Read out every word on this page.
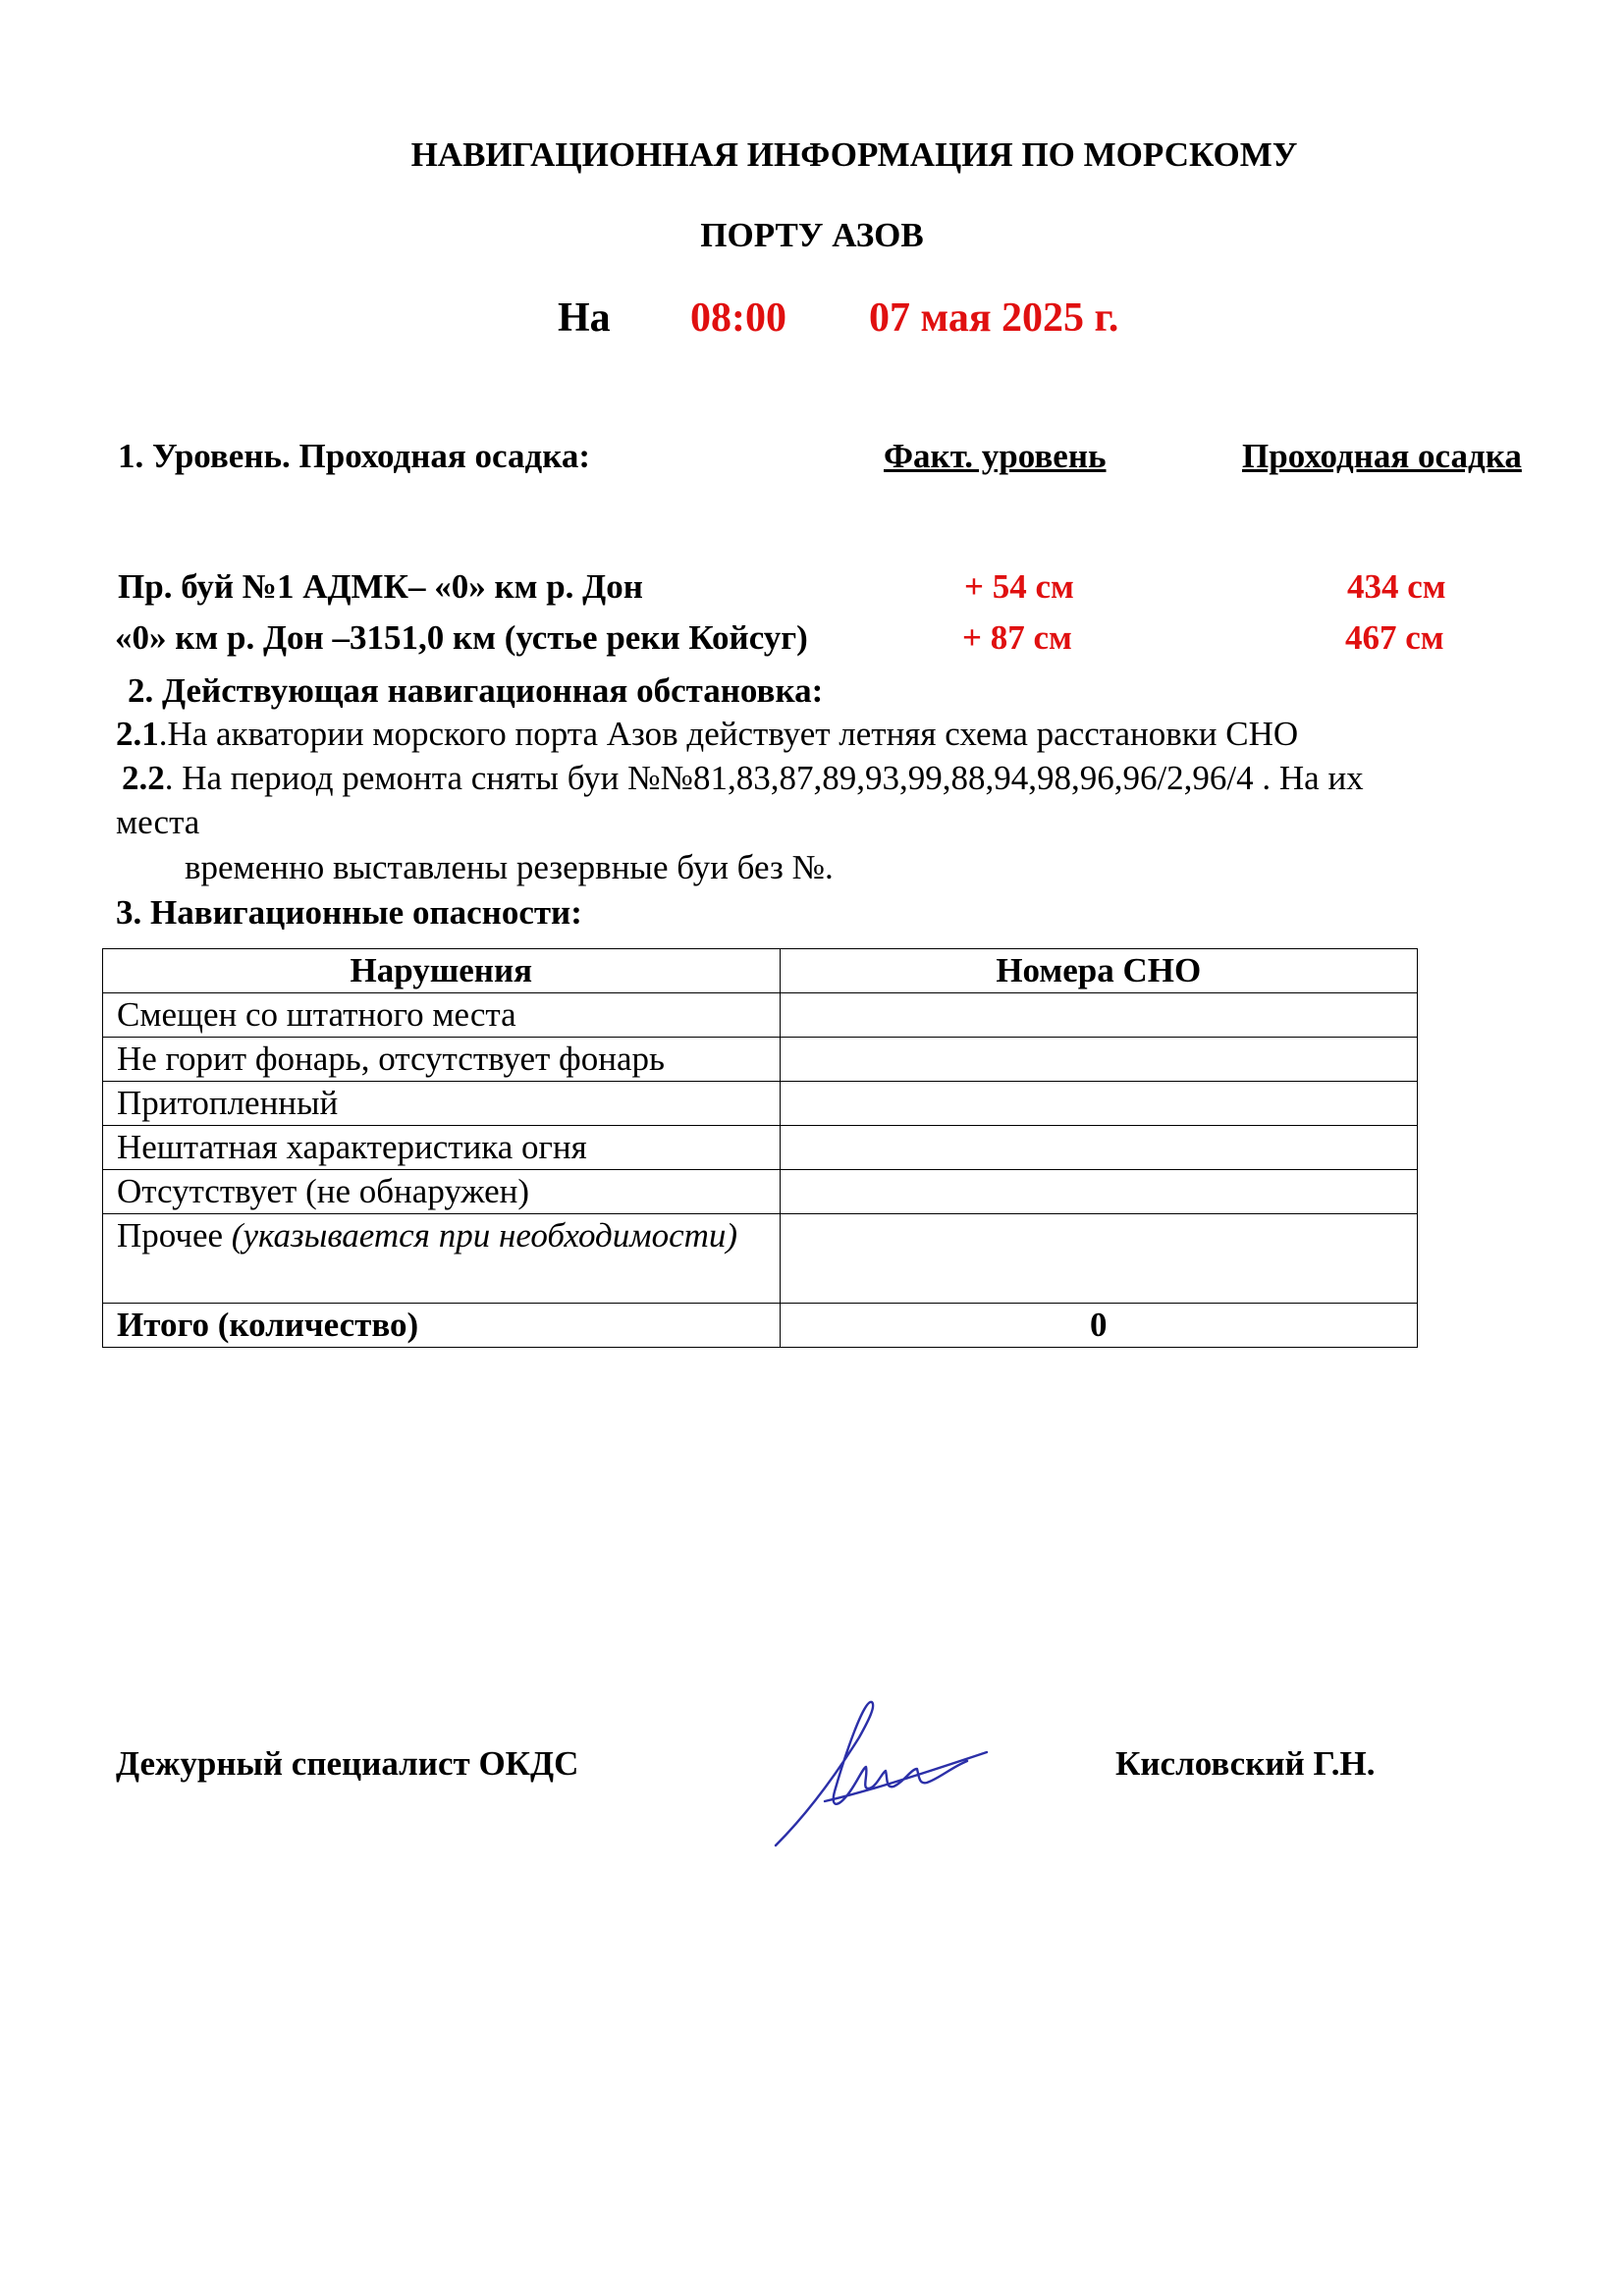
НАВИГАЦИОННАЯ ИНФОРМАЦИЯ ПО МОРСКОМУ
ПОРТУ АЗОВ
На 08:00 07 мая 2025 г.
1. Уровень. Проходная осадка:	Факт. уровень	Проходная осадка
Пр. буй №1 АДМК– «0» км р. Дон	+ 54 см	434 см
«0» км р. Дон –3151,0 км (устье реки Койсуг)	+ 87 см	467 см
2. Действующая навигационная обстановка:
2.1.На акватории морского порта Азов действует летняя схема расстановки СНО
2.2. На период ремонта сняты буи №№81,83,87,89,93,99,88,94,98,96,96/2,96/4 . На их
места
временно выставлены резервные буи без №.
3. Навигационные опасности:
Нарушения	Номера СНО
Смещен со штатного места	
Не горит фонарь, отсутствует фонарь	
Притопленный	
Нештатная характеристика огня	
Отсутствует (не обнаружен)	
Прочее (указывается при необходимости)	
Итого (количество)	0
Дежурный специалист ОКДС	Кисловский Г.Н.
